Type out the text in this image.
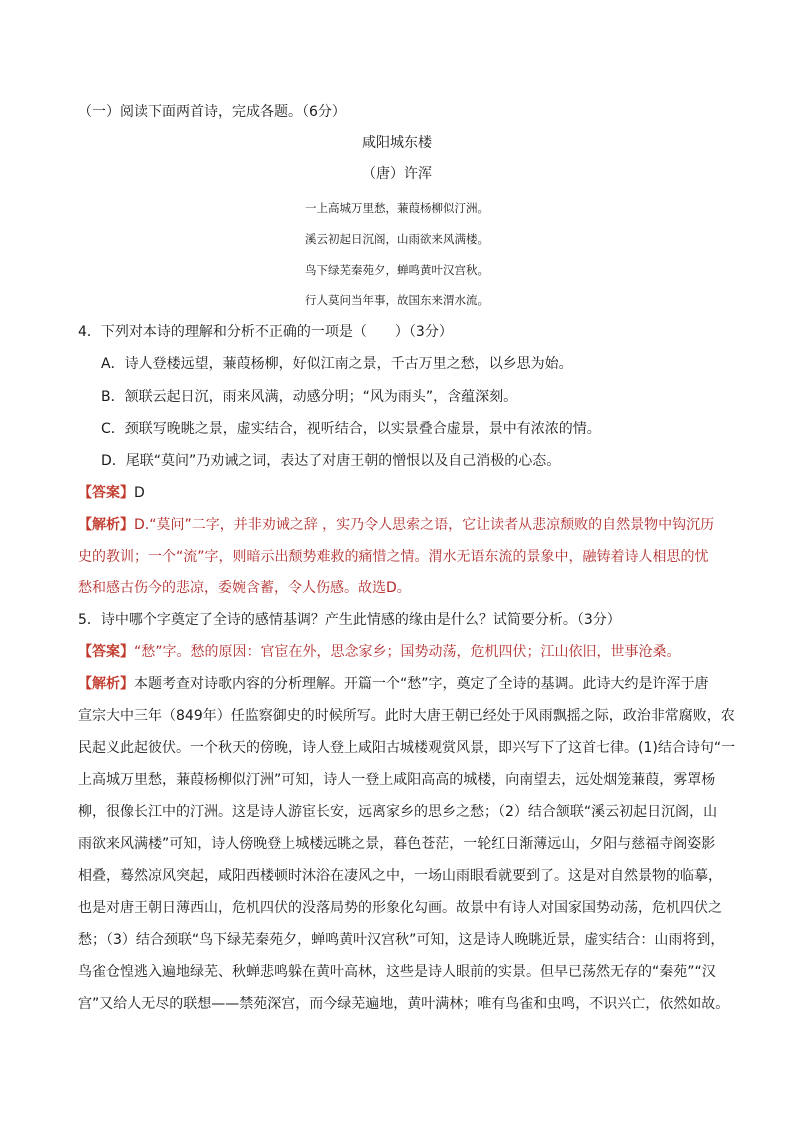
（一）阅读下面两首诗，完成各题。（6分）
咸阳城东楼
（唐）许浑
一上高城万里愁，蒹葭杨柳似汀洲。
溪云初起日沉阁，山雨欲来风满楼。
鸟下绿芜秦苑夕，蝉鸣黄叶汉宫秋。
行人莫问当年事，故国东来渭水流。
4．下列对本诗的理解和分析不正确的一项是（　　）（3分）
A．诗人登楼远望，蒹葭杨柳，好似江南之景，千古万里之愁，以乡思为始。
B．颔联云起日沉，雨来风满，动感分明；“风为雨头”，含蕴深刻。
C．颈联写晚眺之景，虚实结合，视听结合，以实景叠合虚景，景中有浓浓的情。
D．尾联“莫问”乃劝诫之词，表达了对唐王朝的憎恨以及自己消极的心态。
【答案】D
【解析】D.“莫问”二字，并非劝诫之辞 ，实乃令人思索之语，它让读者从悲凉颓败的自然景物中钩沉历
史的教训；一个“流”字，则暗示出颓势难救的痛惜之情。渭水无语东流的景象中，融铸着诗人相思的忧
愁和感古伤今的悲凉，委婉含蓄，令人伤感。故选D。
5．诗中哪个字奠定了全诗的感情基调？产生此情感的缘由是什么？试简要分析。（3分）
【答案】“愁”字。愁的原因：官宦在外，思念家乡；国势动荡，危机四伏；江山依旧，世事沧桑。
【解析】本题考查对诗歌内容的分析理解。开篇一个“愁”字，奠定了全诗的基调。此诗大约是许浑于唐
宣宗大中三年（849年）任监察御史的时候所写。此时大唐王朝已经处于风雨飘摇之际，政治非常腐败，农
民起义此起彼伏。一个秋天的傍晚，诗人登上咸阳古城楼观赏风景，即兴写下了这首七律。(1)结合诗句“一
上高城万里愁，蒹葭杨柳似汀洲”可知，诗人一登上咸阳高高的城楼，向南望去，远处烟笼蒹葭，雾罩杨
柳，很像长江中的汀洲。这是诗人游宦长安，远离家乡的思乡之愁；（2）结合颔联“溪云初起日沉阁，山
雨欲来风满楼”可知，诗人傍晚登上城楼远眺之景，暮色苍茫，一轮红日渐薄远山，夕阳与慈福寺阁姿影
相叠，蓦然凉风突起，咸阳西楼顿时沐浴在凄风之中，一场山雨眼看就要到了。这是对自然景物的临摹，
也是对唐王朝日薄西山，危机四伏的没落局势的形象化勾画。故景中有诗人对国家国势动荡，危机四伏之
愁；（3）结合颈联“鸟下绿芜秦苑夕，蝉鸣黄叶汉宫秋”可知，这是诗人晚眺近景，虚实结合：山雨将到，
鸟雀仓惶逃入遍地绿芜、秋蝉悲鸣躲在黄叶高林，这些是诗人眼前的实景。但早已荡然无存的“秦苑”“汉
宫”又给人无尽的联想——禁苑深宫，而今绿芜遍地，黄叶满林；唯有鸟雀和虫鸣，不识兴亡，依然如故。
